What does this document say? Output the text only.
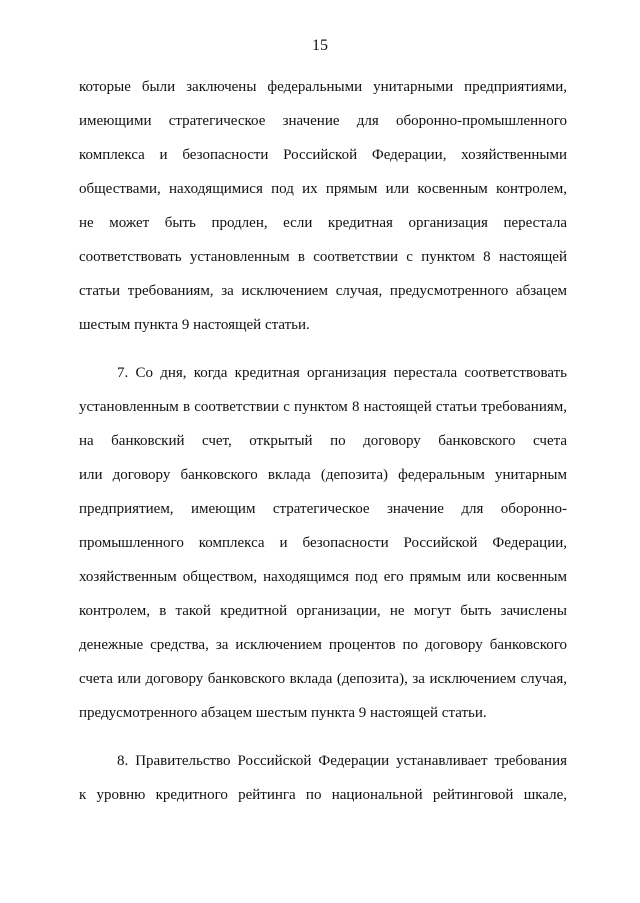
15
которые были заключены федеральными унитарными предприятиями,
имеющими стратегическое значение для оборонно-промышленного
комплекса и безопасности Российской Федерации, хозяйственными
обществами, находящимися под их прямым или косвенным контролем,
не может быть продлен, если кредитная организация перестала
соответствовать установленным в соответствии с пунктом 8 настоящей
статьи требованиям, за исключением случая, предусмотренного абзацем
шестым пункта 9 настоящей статьи.
7. Со дня, когда кредитная организация перестала соответствовать
установленным в соответствии с пунктом 8 настоящей статьи требованиям,
на банковский счет, открытый по договору банковского счета
или договору банковского вклада (депозита) федеральным унитарным
предприятием, имеющим стратегическое значение для оборонно-
промышленного комплекса и безопасности Российской Федерации,
хозяйственным обществом, находящимся под его прямым или косвенным
контролем, в такой кредитной организации, не могут быть зачислены
денежные средства, за исключением процентов по договору банковского
счета или договору банковского вклада (депозита), за исключением случая,
предусмотренного абзацем шестым пункта 9 настоящей статьи.
8. Правительство Российской Федерации устанавливает требования
к уровню кредитного рейтинга по национальной рейтинговой шкале,
